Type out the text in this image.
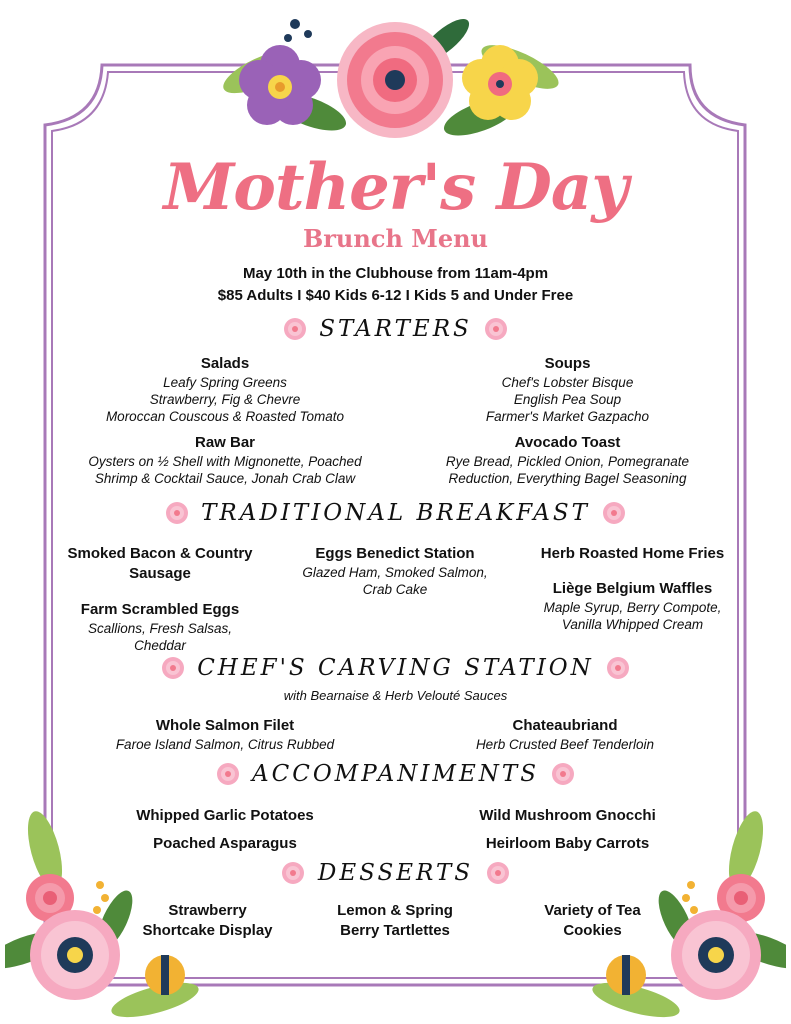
Mother's Day
Brunch Menu
May 10th in the Clubhouse from 11am-4pm
$85 Adults I $40 Kids 6-12 I Kids 5 and Under Free
STARTERS
Salads
Leafy Spring Greens
Strawberry, Fig & Chevre
Moroccan Couscous & Roasted Tomato
Soups
Chef's Lobster Bisque
English Pea Soup
Farmer's Market Gazpacho
Raw Bar
Oysters on ½ Shell with Mignonette, Poached
Shrimp & Cocktail Sauce, Jonah Crab Claw
Avocado Toast
Rye Bread, Pickled Onion, Pomegranate
Reduction, Everything Bagel Seasoning
TRADITIONAL BREAKFAST
Smoked Bacon & Country
Sausage
Farm Scrambled Eggs
Scallions, Fresh Salsas,
Cheddar
Eggs Benedict Station
Glazed Ham, Smoked Salmon,
Crab Cake
Herb Roasted Home Fries
Liège Belgium Waffles
Maple Syrup, Berry Compote,
Vanilla Whipped Cream
CHEF'S CARVING STATION
with Bearnaise & Herb Velouté Sauces
Whole Salmon Filet
Faroe Island Salmon, Citrus Rubbed
Chateaubriand
Herb Crusted Beef Tenderloin
ACCOMPANIMENTS
Whipped Garlic Potatoes	Wild Mushroom Gnocchi
Poached Asparagus	Heirloom Baby Carrots
DESSERTS
Strawberry
Shortcake Display
Lemon & Spring
Berry Tartlettes
Variety of Tea
Cookies
